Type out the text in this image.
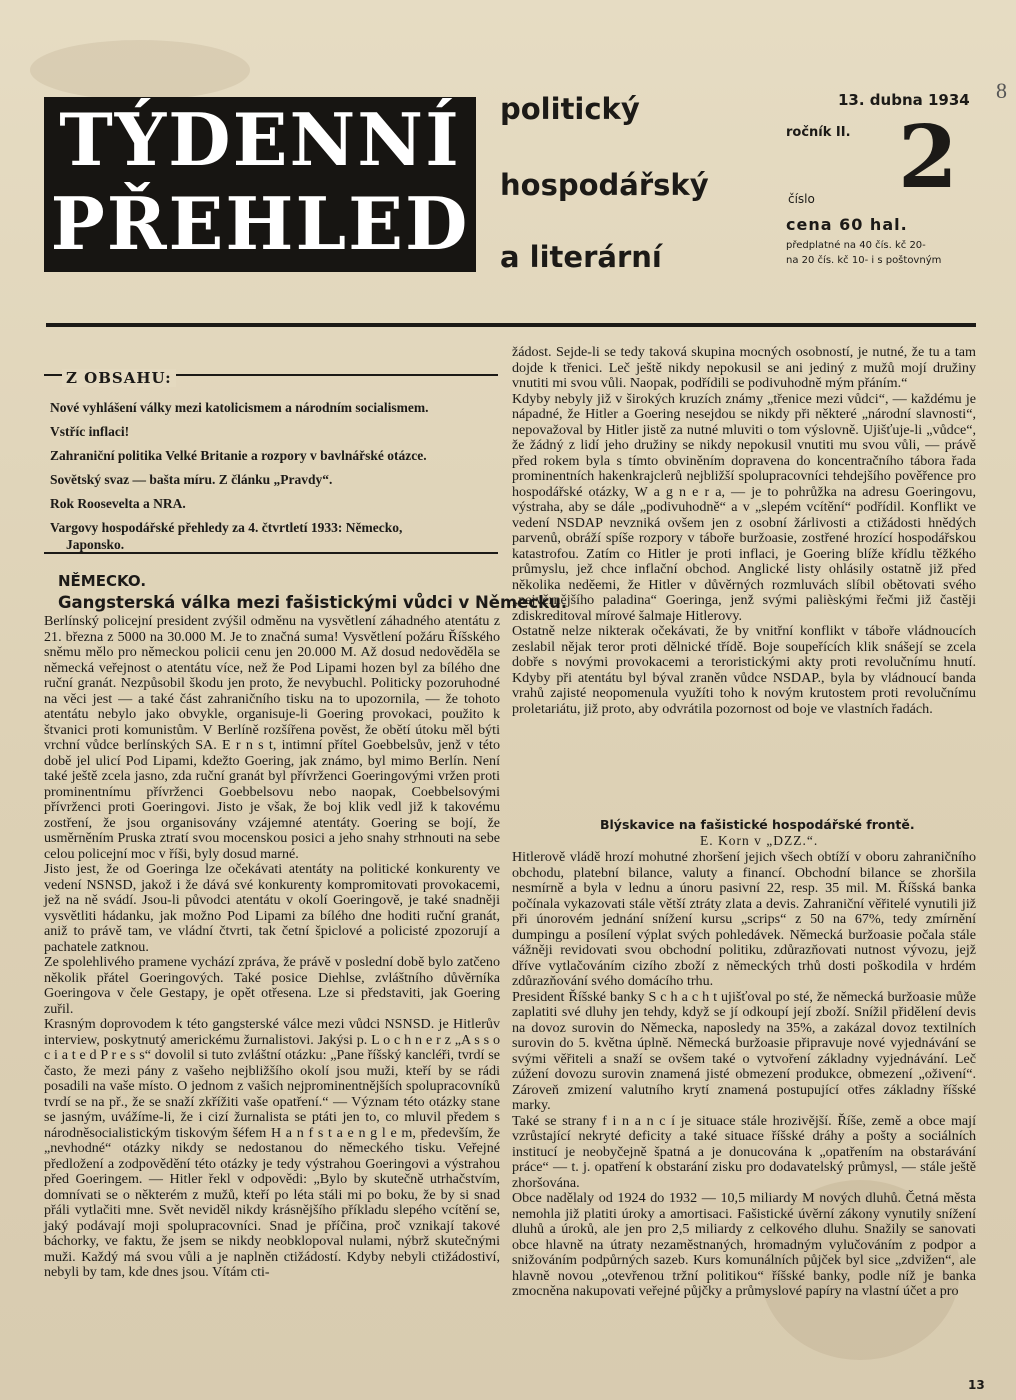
TÝDENNÍ
PŘEHLED
politický
hospodářský
a literární
13. dubna 1934
ročník II.
číslo 2
cena 60 hal.
předplatné na 40 čís. kč 20-
na 20 čís. kč 10- i s poštovným
8
Z OBSAHU:
Nové vyhlášení války mezi katolicismem a národním socialismem.
Vstříc inflaci!
Zahraniční politika Velké Britanie a rozpory v bavlnářské otázce.
Sovětský svaz — bašta míru. Z článku „Pravdy“.
Rok Roosevelta a NRA.
Vargovy hospodářské přehledy za 4. čtvrtletí 1933: Německo,
Japonsko.
NĚMECKO.
Gangsterská válka mezi fašistickými vůdci v Německu.
Berlínský policejní president zvýšil odměnu na vysvětlení záhadného atentátu z 21. března z 5000 na 30.000 M. Je to značná suma! Vysvětlení požáru Říšského sněmu mělo pro německou policii cenu jen 20.000 M. Až dosud nedověděla se německá veřejnost o atentátu více, než že Pod Lipami hozen byl za bílého dne ruční granát. Nezpůsobil škodu jen proto, že nevybuchl. Politicky pozoruhodné na věci jest — a také část zahraničního tisku na to upozornila, — že tohoto atentátu nebylo jako obvykle, organisuje-li Goering provokaci, použito k štvanici proti komunistům. V Berlíně rozšířena pověst, že obětí útoku měl býti vrchní vůdce berlínských SA. E r n s t, intimní přítel Goebbelsův, jenž v této době jel ulicí Pod Lipami, kdežto Goering, jak známo, byl mimo Berlín. Není také ještě zcela jasno, zda ruční granát byl přívrženci Goeringovými vržen proti prominentnímu přívrženci Goebbelsovu nebo naopak, Coebbelsovými přívrženci proti Goeringovi. Jisto je však, že boj klik vedl již k takovému zostření, že jsou organisovány vzájemné atentáty. Goering se bojí, že usměrněním Pruska ztratí svou mocenskou posici a jeho snahy strhnouti na sebe celou policejní moc v říši, byly dosud marné.
Jisto jest, že od Goeringa lze očekávati atentáty na politické konkurenty ve vedení NSNSD, jakož i že dává své konkurenty kompromitovati provokacemi, jež na ně svádí. Jsou-li původci atentátu v okolí Goeringově, je také snadněji vysvětliti hádanku, jak možno Pod Lipami za bílého dne hoditi ruční granát, aniž to právě tam, ve vládní čtvrti, tak četní špiclové a policisté zpozorují a pachatele zatknou.
Ze spolehlivého pramene vychází zpráva, že právě v poslední době bylo zatčeno několik přátel Goeringových. Také posice Diehlse, zvláštního důvěrníka Goeringova v čele Gestapy, je opět otřesena. Lze si představiti, jak Goering zuřil.
Krasným doprovodem k této gangsterské válce mezi vůdci NSNSD. je Hitlerův interview, poskytnutý americkému žurnalistovi. Jakýsi p. L o c h n e r z „A s s o c i a t e d P r e s s“ dovolil si tuto zvláštní otázku: „Pane říšský kancléři, tvrdí se často, že mezi pány z vašeho nejbližšího okolí jsou muži, kteří by se rádi posadili na vaše místo. O jednom z vašich nejprominentnějších spolupracovníků tvrdí se na př., že se snaží zkřížiti vaše opatření.“ — Význam této otázky stane se jasným, uvážíme-li, že i cizí žurnalista se ptáti jen to, co mluvil předem s národněsocialistickým tiskovým šéfem H a n f s t a e n g l e m, především, že „nevhodné“ otázky nikdy se nedostanou do německého tisku. Veřejné předložení a zodpovědění této otázky je tedy výstrahou Goeringovi a výstrahou před Goeringem. — Hitler řekl v odpovědi: „Bylo by skutečně utrhačstvím, domnívati se o některém z mužů, kteří po léta stáli mi po boku, že by si snad přáli vytlačiti mne. Svět neviděl nikdy krásnějšího příkladu slepého vcítění se, jaký podávají moji spolupracovníci. Snad je příčina, proč vznikají takové báchorky, ve faktu, že jsem se nikdy neobklopoval nulami, nýbrž skutečnými muži. Každý má svou vůli a je naplněn ctižádostí. Kdyby nebyli ctižádostiví, nebyli by tam, kde dnes jsou. Vítám cti-
žádost. Sejde-li se tedy taková skupina mocných osobností, je nutné, že tu a tam dojde k třenici. Leč ještě nikdy nepokusil se ani jediný z mužů mojí družiny vnutiti mi svou vůli. Naopak, podřídili se podivuhodně mým přáním.“
Kdyby nebyly již v širokých kruzích známy „třenice mezi vůdci“, — každému je nápadné, že Hitler a Goering nesejdou se nikdy při některé „národní slavnosti“, nepovažoval by Hitler jistě za nutné mluviti o tom výslovně. Ujišťuje-li „vůdce“, že žádný z lidí jeho družiny se nikdy nepokusil vnutiti mu svou vůli, — právě před rokem byla s tímto obviněním dopravena do koncentračního tábora řada prominentních hakenkrajclerů nejbližší spolupracovníci tehdejšího pověřence pro hospodářské otázky, W a g n e r a, — je to pohrůžka na adresu Goeringovu, výstraha, aby se dále „podivuhodně“ a v „slepém vcítění“ podřídil. Konflikt ve vedení NSDAP nevzniká ovšem jen z osobní žárlivosti a ctižádosti hnědých parvenů, obráží spíše rozpory v táboře buržoasie, zostřené hrozící hospodářskou katastrofou. Zatím co Hitler je proti inflaci, je Goering blíže křídlu těžkého průmyslu, jež chce inflační obchod. Anglické listy ohlásily ostatně již před několika neděemi, že Hitler v důvěrných rozmluvách slíbil obětovati svého „nejvěrnějšího paladina“ Goeringa, jenž svými palièskými řečmi již častěji zdiskreditoval mírové šalmaje Hitlerovy.
Ostatně nelze nikterak očekávati, že by vnitřní konflikt v táboře vládnoucích zeslabil nějak teror proti dělnické třídě. Boje soupeřících klik snášejí se zcela dobře s novými provokacemi a teroristickými akty proti revolučnímu hnutí. Kdyby při atentátu byl býval zraněn vůdce NSDAP., byla by vládnoucí banda vrahů zajisté neopomenula využíti toho k novým krutostem proti revolučnímu proletariátu, již proto, aby odvrátila pozornost od boje ve vlastních řadách.
Blýskavice na fašistické hospodářské frontě.
E. Korn v „DZZ.“.
Hitlerově vládě hrozí mohutné zhoršení jejich všech obtíží v oboru zahraničního obchodu, platební bilance, valuty a financí. Obchodní bilance se zhoršila nesmírně a byla v lednu a únoru pasivní 22, resp. 35 mil. M. Říšská banka počínala vykazovati stále větší ztráty zlata a devis. Zahraniční věřitelé vynutili již při únorovém jednání snížení kursu „scrips“ z 50 na 67%, tedy zmírnění dumpingu a posílení výplat svých pohledávek. Německá buržoasie počala stále vážněji revidovati svou obchodní politiku, zdůrazňovati nutnost vývozu, jejž dříve vytlačováním cizího zboží z německých trhů dosti poškodila v hrdém zdůrazňování svého domácího trhu.
President Říšské banky S c h a c h t ujišťoval po sté, že německá buržoasie může zaplatiti své dluhy jen tehdy, když se jí odkoupí její zboží. Snížil přidělení devis na dovoz surovin do Německa, naposledy na 35%, a zakázal dovoz textilních surovin do 5. května úplně. Německá buržoasie připravuje nové vyjednávání se svými věřiteli a snaží se ovšem také o vytvoření základny vyjednávání. Leč zúžení dovozu surovin znamená jisté obmezení produkce, obmezení „oživení“. Zároveň zmizení valutního krytí znamená postupující otřes základny říšské marky.
Také se strany f i n a n c í je situace stále hrozivější. Říše, země a obce mají vzrůstající nekryté deficity a také situace říšské dráhy a pošty a sociálních institucí je neobyčejně špatná a je donucována k „opatřením na obstarávání práce“ — t. j. opatření k obstarání zisku pro dodavatelský průmysl, — stále ještě zhoršována.
Obce nadělaly od 1924 do 1932 — 10,5 miliardy M nových dluhů. Četná města nemohla již platiti úroky a amortisaci. Fašistické úvěrní zákony vynutily snížení dluhů a úroků, ale jen pro 2,5 miliardy z celkového dluhu. Snažily se sanovati obce hlavně na útraty nezaměstnaných, hromadným vylučováním z podpor a snižováním podpůrných sazeb. Kurs komunálních půjček byl sice „zdvižen“, ale hlavně novou „otevřenou tržní politikou“ říšské banky, podle níž je banka zmocněna nakupovati veřejné půjčky a průmyslové papíry na vlastní účet a pro
13
